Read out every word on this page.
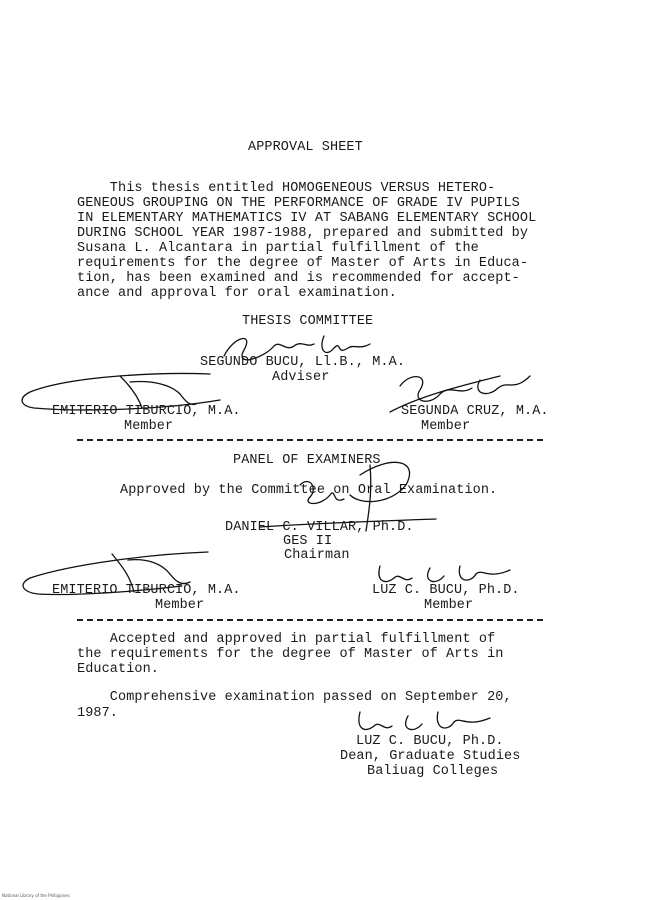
APPROVAL SHEET
This thesis entitled HOMOGENEOUS VERSUS HETERO-
GENEOUS GROUPING ON THE PERFORMANCE OF GRADE IV PUPILS
IN ELEMENTARY MATHEMATICS IV AT SABANG ELEMENTARY SCHOOL
DURING SCHOOL YEAR 1987-1988, prepared and submitted by
Susana L. Alcantara in partial fulfillment of the
requirements for the degree of Master of Arts in Educa-
tion, has been examined and is recommended for accept-
ance and approval for oral examination.
THESIS COMMITTEE
SEGUNDO BUCU, Ll.B., M.A.
Adviser
EMITERIO TIBURCIO, M.A.
Member
SEGUNDA CRUZ, M.A.
Member
PANEL OF EXAMINERS
Approved by the Committee on Oral Examination.
DANIEL C. VILLAR, Ph.D.
GES II
Chairman
EMITERIO TIBURCIO, M.A.
Member
LUZ C. BUCU, Ph.D.
Member
Accepted and approved in partial fulfillment of
the requirements for the degree of Master of Arts in
Education.
Comprehensive examination passed on September 20,
1987.
LUZ C. BUCU, Ph.D.
Dean, Graduate Studies
Baliuag Colleges
National Library of the Philippines
